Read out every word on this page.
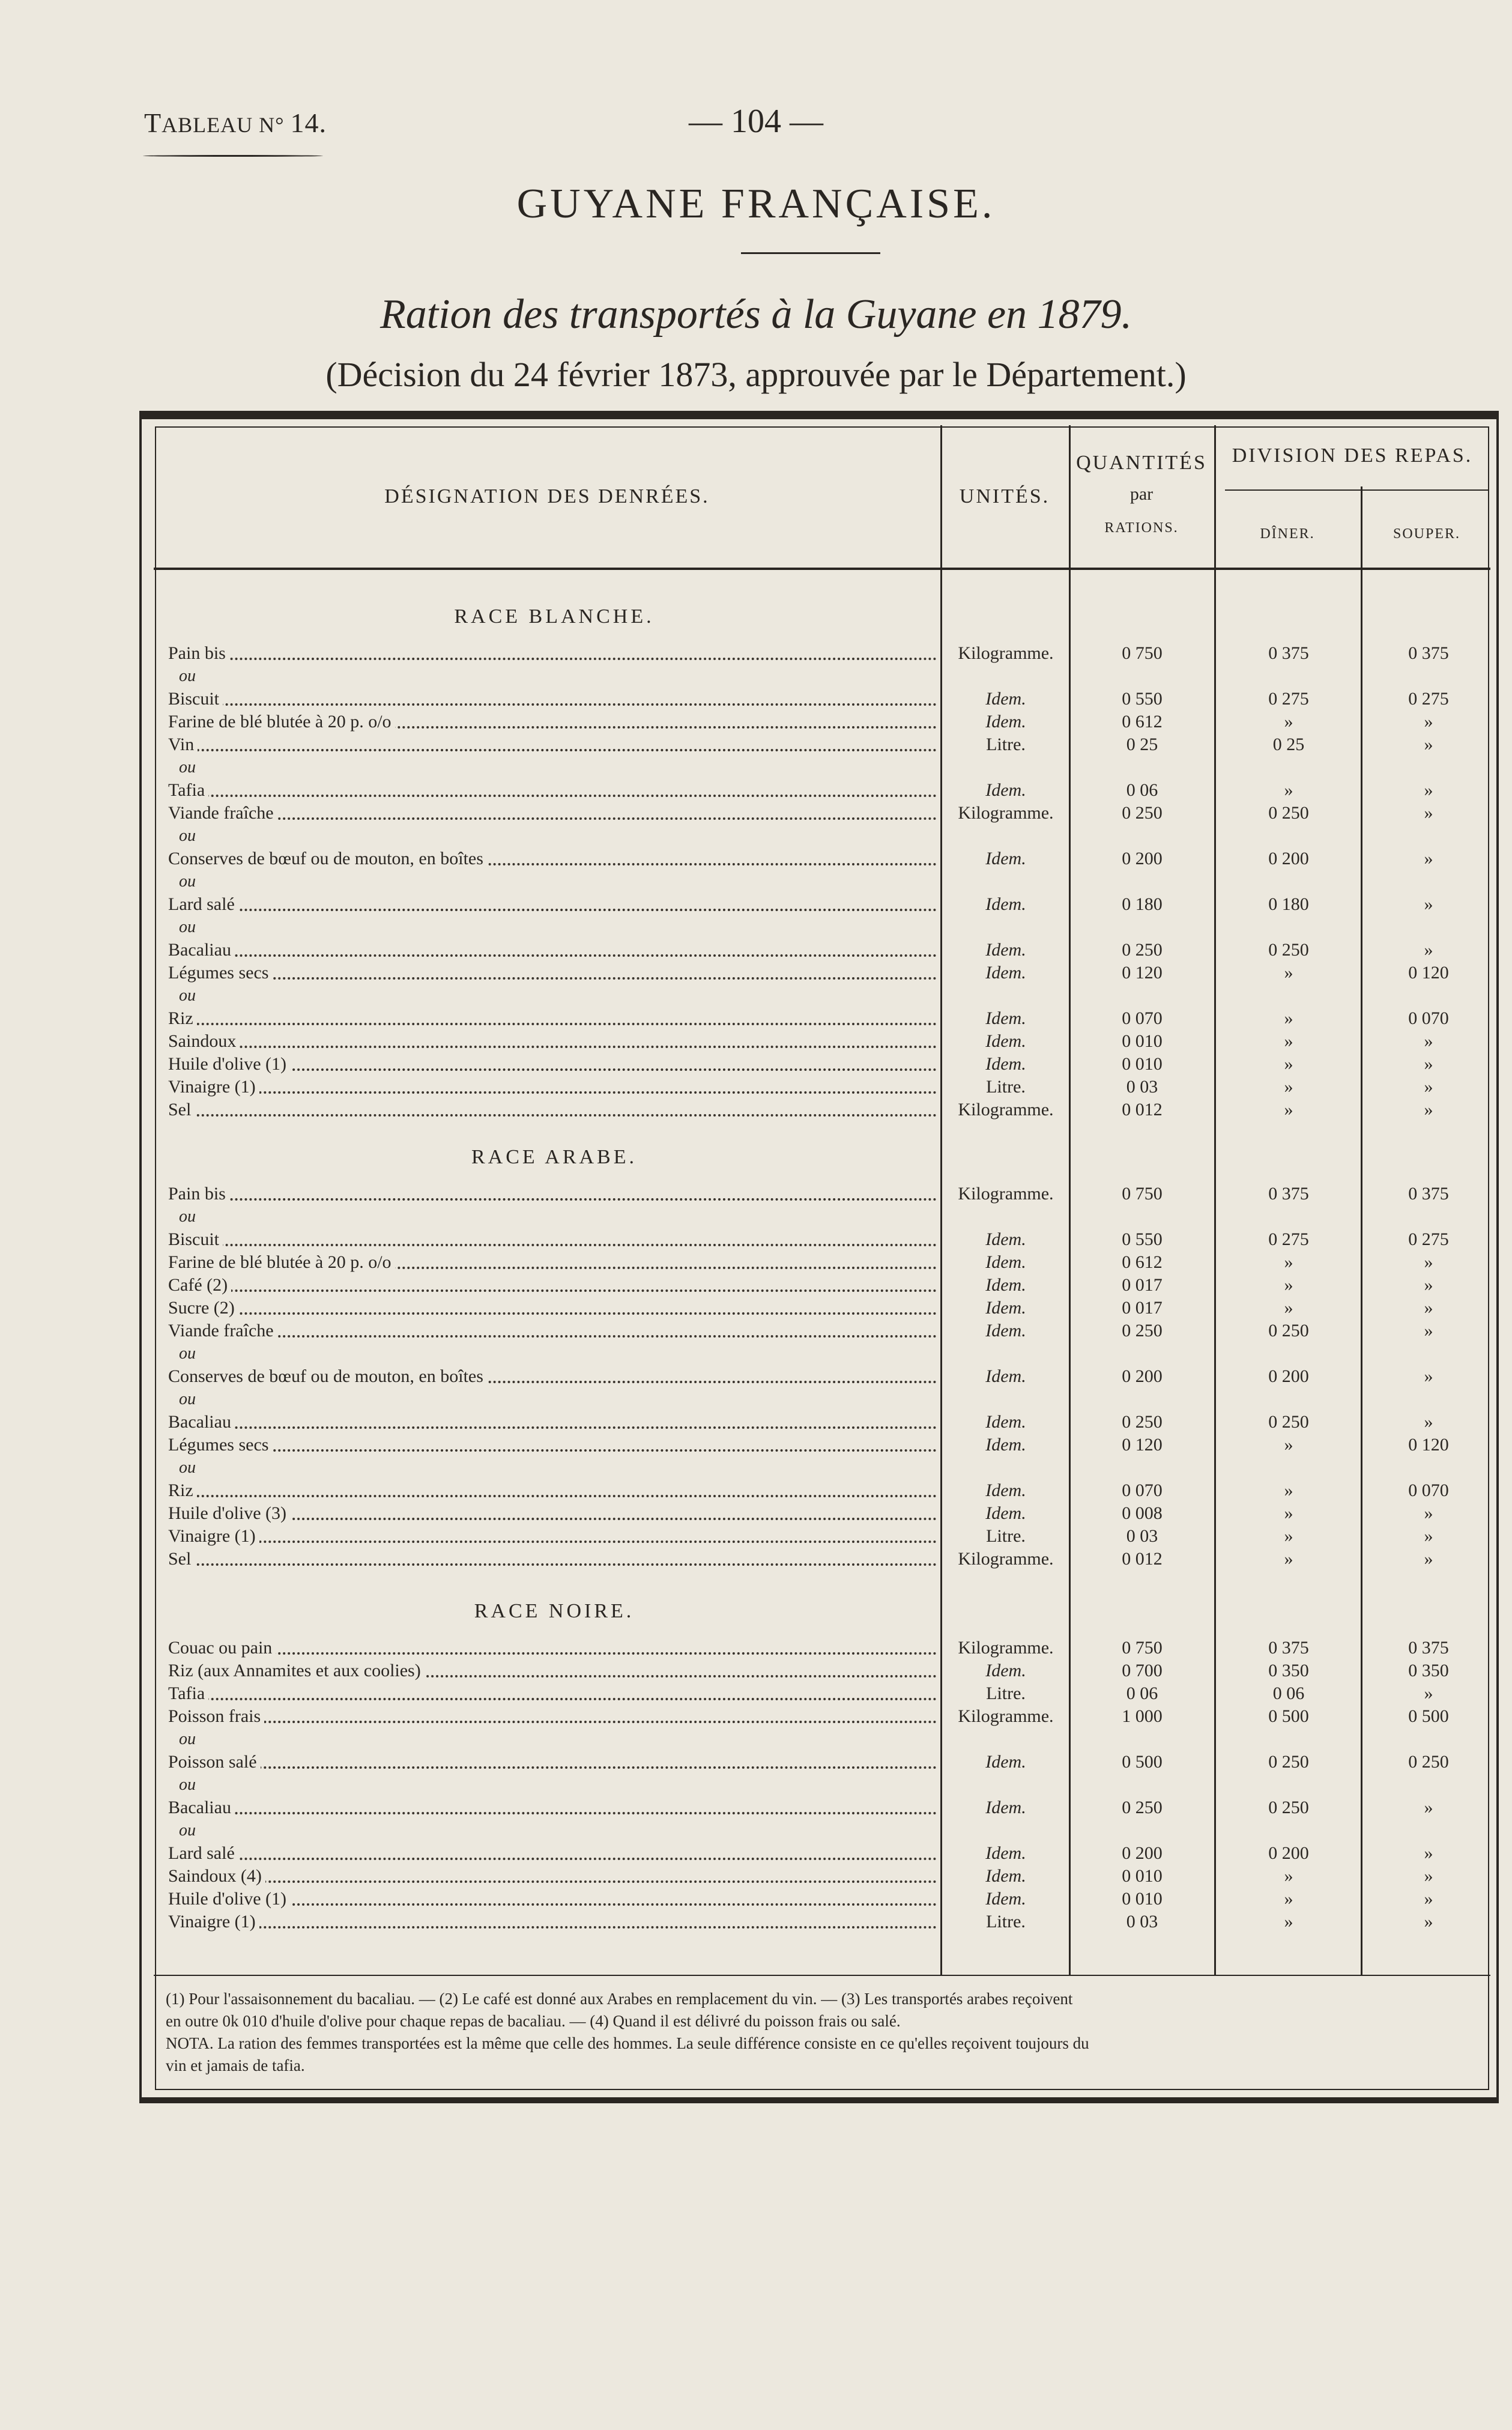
TABLEAU N° 14.	— 104 —
GUYANE FRANÇAISE.
Ration des transportés à la Guyane en 1879.
(Décision du 24 février 1873, approuvée par le Département.)
DÉSIGNATION DES DENRÉES.	UNITÉS.
QUANTITÉS
par
RATIONS.
DIVISION DES REPAS.
DÎNER.	SOUPER.
RACE BLANCHE.
RACE ARABE.
RACE NOIRE.
Pain bis	Kilogramme.	0 750	0 375	0 375
ou
Biscuit	Idem.	0 550	0 275	0 275
Farine de blé blutée à 20 p. o/o	Idem.	0 612	»	»
Vin	Litre.	0 25	0 25	»
ou
Tafia	Idem.	0 06	»	»
Viande fraîche	Kilogramme.	0 250	0 250	»
ou
Conserves de bœuf ou de mouton, en boîtes	Idem.	0 200	0 200	»
ou
Lard salé	Idem.	0 180	0 180	»
ou
Bacaliau	Idem.	0 250	0 250	»
Légumes secs	Idem.	0 120	»	0 120
ou
Riz	Idem.	0 070	»	0 070
Saindoux	Idem.	0 010	»	»
Huile d'olive (1)	Idem.	0 010	»	»
Vinaigre (1)	Litre.	0 03	»	»
Sel	Kilogramme.	0 012	»	»
Pain bis	Kilogramme.	0 750	0 375	0 375
ou
Biscuit	Idem.	0 550	0 275	0 275
Farine de blé blutée à 20 p. o/o	Idem.	0 612	»	»
Café (2)	Idem.	0 017	»	»
Sucre (2)	Idem.	0 017	»	»
Viande fraîche	Idem.	0 250	0 250	»
ou
Conserves de bœuf ou de mouton, en boîtes	Idem.	0 200	0 200	»
ou
Bacaliau	Idem.	0 250	0 250	»
Légumes secs	Idem.	0 120	»	0 120
ou
Riz	Idem.	0 070	»	0 070
Huile d'olive (3)	Idem.	0 008	»	»
Vinaigre (1)	Litre.	0 03	»	»
Sel	Kilogramme.	0 012	»	»
Couac ou pain	Kilogramme.	0 750	0 375	0 375
Riz (aux Annamites et aux coolies)	Idem.	0 700	0 350	0 350
Tafia	Litre.	0 06	0 06	»
Poisson frais	Kilogramme.	1 000	0 500	0 500
ou
Poisson salé	Idem.	0 500	0 250	0 250
ou
Bacaliau	Idem.	0 250	0 250	»
ou
Lard salé	Idem.	0 200	0 200	»
Saindoux (4)	Idem.	0 010	»	»
Huile d'olive (1)	Idem.	0 010	»	»
Vinaigre (1)	Litre.	0 03	»	»

(1) Pour l'assaisonnement du bacaliau. — (2) Le café est donné aux Arabes en remplacement du vin. — (3) Les transportés arabes reçoivent

en outre 0k 010 d'huile d'olive pour chaque repas de bacaliau. — (4) Quand il est délivré du poisson frais ou salé.

NOTA. La ration des femmes transportées est la même que celle des hommes. La seule différence consiste en ce qu'elles reçoivent toujours du

vin et jamais de tafia.
